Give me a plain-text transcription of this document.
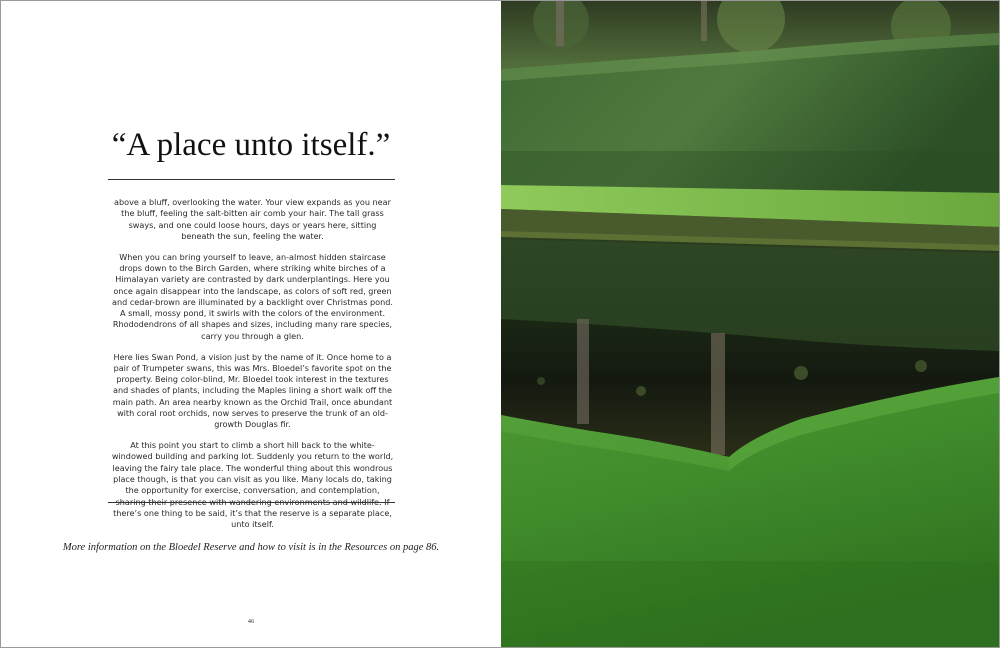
“A place unto itself.”

above a bluff, overlooking the water. Your view expands as you near the bluff, feeling the salt-bitten air comb your hair. The tall grass sways, and one could loose hours, days or years here, sitting beneath the sun, feeling the water.

When you can bring yourself to leave, an-almost hidden staircase drops down to the Birch Garden, where striking white birches of a Himalayan variety are contrasted by dark underplantings. Here you once again disappear into the landscape, as colors of soft red, green and cedar-brown are illuminated by a backlight over Christmas pond. A small, mossy pond, it swirls with the colors of the environment. Rhododendrons of all shapes and sizes, including many rare species, carry you through a glen.

Here lies Swan Pond, a vision just by the name of it. Once home to a pair of Trumpeter swans, this was Mrs. Bloedel’s favorite spot on the property. Being color-blind, Mr. Bloedel took interest in the textures and shades of plants, including the Maples lining a short walk off the main path. An area nearby known as the Orchid Trail, once abundant with coral root orchids, now serves to preserve the trunk of an old-growth Douglas fir.

At this point you start to climb a short hill back to the white-windowed building and parking lot. Suddenly you return to the world, leaving the fairy tale place. The wonderful thing about this wondrous place though, is that you can visit as you like. Many locals do, taking the opportunity for exercise, conversation, and contemplation, sharing their presence with wandering environments and wildlife. If there’s one thing to be said, it’s that the reserve is a separate place, unto itself.

More information on the Bloedel Reserve and how to visit is in the Resources on page 86.

46
